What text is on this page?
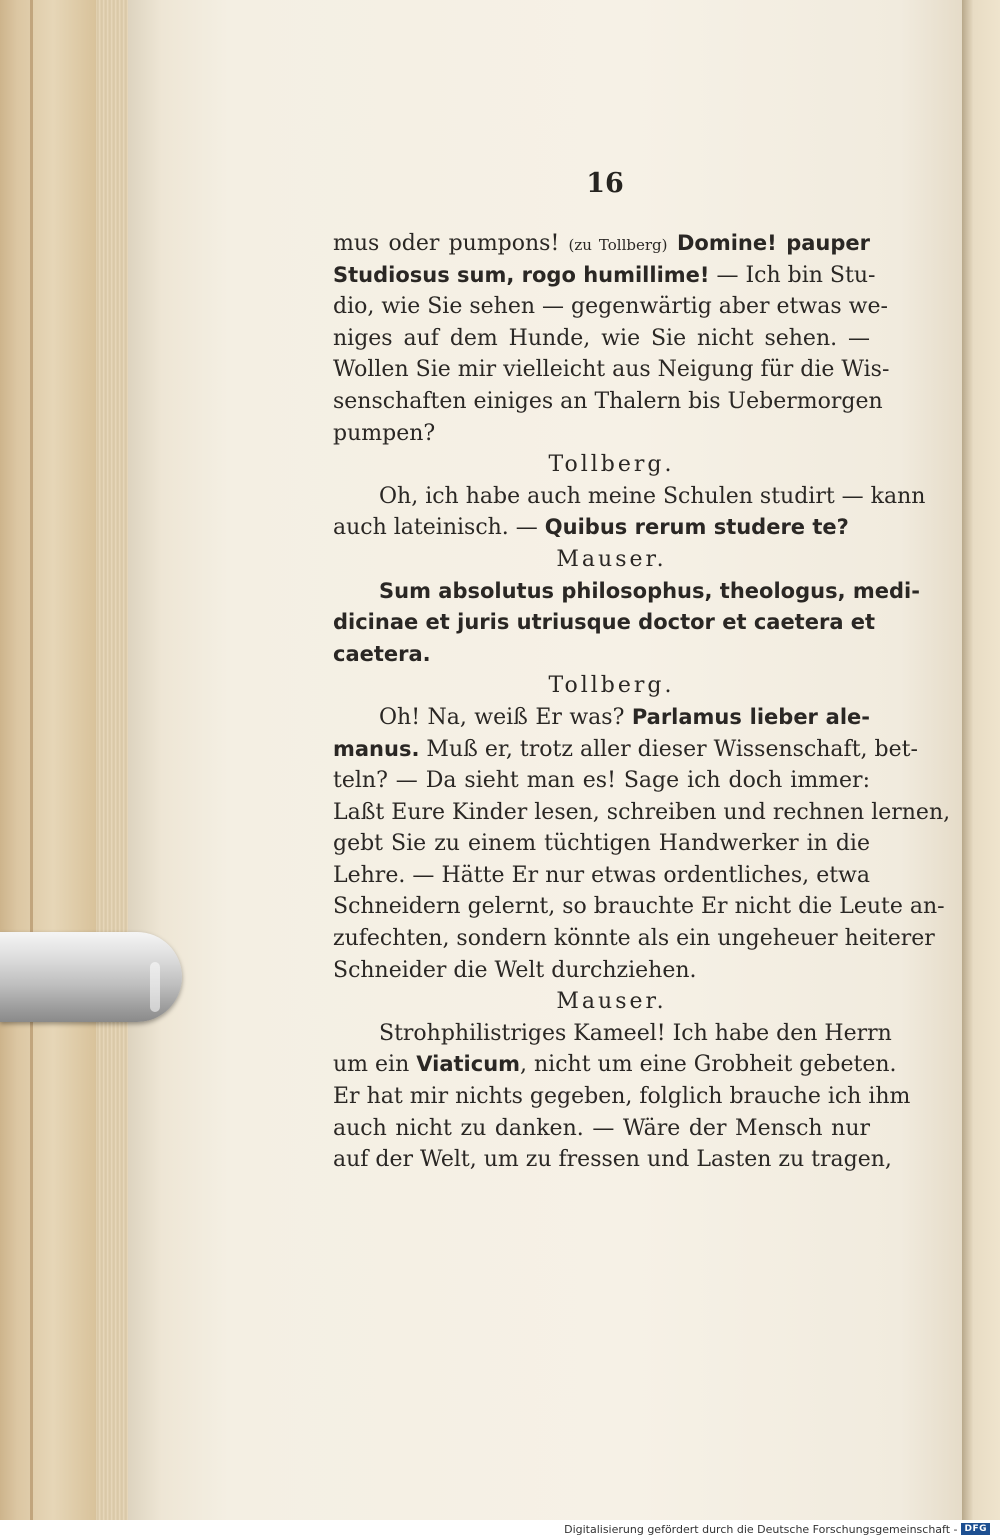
16
mus oder pumpons! (zu Tollberg) Domine! pauper
Studiosus sum, rogo humillime! — Ich bin Stu-
dio, wie Sie sehen — gegenwärtig aber etwas we-
niges auf dem Hunde, wie Sie nicht sehen. —
Wollen Sie mir vielleicht aus Neigung für die Wis-
senschaften einiges an Thalern bis Uebermorgen
pumpen?
Tollberg.
Oh, ich habe auch meine Schulen studirt — kann
auch lateinisch. — Quibus rerum studere te?
Mauser.
Sum absolutus philosophus, theologus, medi-
dicinae et juris utriusque doctor et caetera et
caetera.
Tollberg.
Oh! Na, weiß Er was? Parlamus lieber ale-
manus. Muß er, trotz aller dieser Wissenschaft, bet-
teln? — Da sieht man es! Sage ich doch immer:
Laßt Eure Kinder lesen, schreiben und rechnen lernen,
gebt Sie zu einem tüchtigen Handwerker in die
Lehre. — Hätte Er nur etwas ordentliches, etwa
Schneidern gelernt, so brauchte Er nicht die Leute an-
zufechten, sondern könnte als ein ungeheuer heiterer
Schneider die Welt durchziehen.
Mauser.
Strohphilistriges Kameel! Ich habe den Herrn
um ein Viaticum, nicht um eine Grobheit gebeten.
Er hat mir nichts gegeben, folglich brauche ich ihm
auch nicht zu danken. — Wäre der Mensch nur
auf der Welt, um zu fressen und Lasten zu tragen,
Digitalisierung gefördert durch die Deutsche Forschungsgemeinschaft - DFG
